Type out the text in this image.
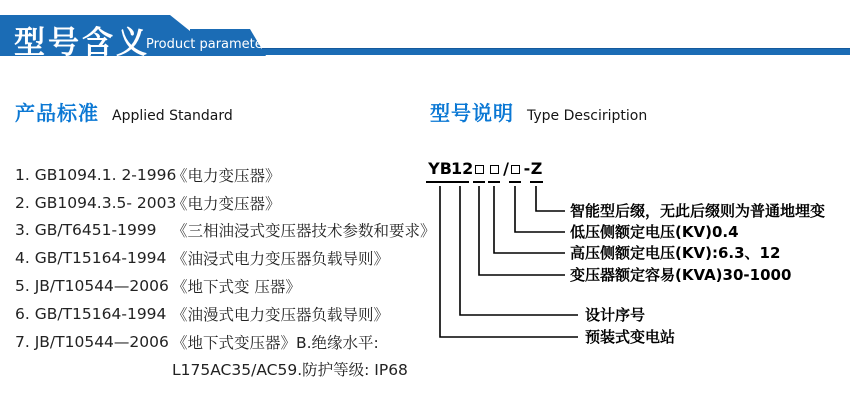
型号含义
Product parameters
产品标准 Applied Standard	型号说明 Type Desciription
1. GB1094.1. 2-1996
《电力变压器》
2. GB1094.3.5- 2003
《电力变压器》
3. GB/T6451-1999 《三相油浸式变压器技术参数和要求》
4. GB/T15164-1994 《油浸式电力变压器负载导则》
5. JB/T10544—2006 《地下式变 压器》
6. GB/T15164-1994 《油漫式电力变压器负载导则》
7. JB/T10544—2006 《地下式变压器》B.绝缘水平:
L175AC35/AC59.防护等级: IP68
YB 12 / - Z
智能型后缀，无此后缀则为普通地埋变
低压侧额定电压(KV)0.4
高压侧额定电压(KV):6.3、12
变压器额定容易(KVA)30-1000
设计序号
预装式变电站
